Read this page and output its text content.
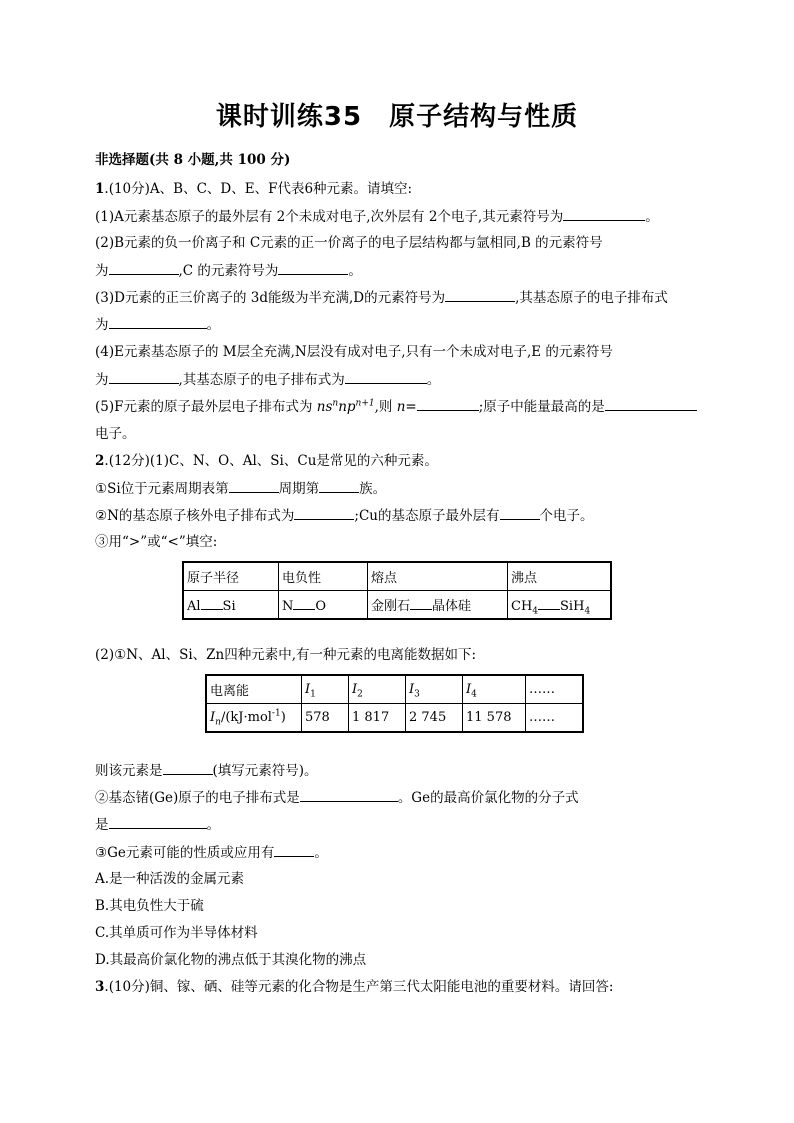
课时训练35　原子结构与性质
非选择题(共 8 小题,共 100 分)
1.(10分)A、B、C、D、E、F代表6种元素。请填空:
(1)A元素基态原子的最外层有 2个未成对电子,次外层有 2个电子,其元素符号为	。
(2)B元素的负一价离子和 C元素的正一价离子的电子层结构都与氩相同,B 的元素符号
为	,C 的元素符号为	。
(3)D元素的正三价离子的 3d能级为半充满,D的元素符号为	,其基态原子的电子排布式
为	。
(4)E元素基态原子的 M层全充满,N层没有成对电子,只有一个未成对电子,E 的元素符号
为	,其基态原子的电子排布式为	。
(5)F元素的原子最外层电子排布式为 $ns^nnp^{n+1}$,则 n=	;原子中能量最高的是
电子。
2.(12分)(1)C、N、O、Al、Si、Cu是常见的六种元素。
①Si位于元素周期表第	周期第	族。
②N的基态原子核外电子排布式为	;Cu的基态原子最外层有	个电子。
③用“>”或“<”填空:
原子半径	电负性	熔点	沸点
Al Si	N O	金刚石 晶体硅	$CH_4$ SiH$_4$
(2)①N、Al、Si、Zn四种元素中,有一种元素的电离能数据如下:
电离能	$I_1$	$I_2$	$I_3$	$I_4$	……
$I_n/(kJ\cdot mol^{-1})$	578	1 817	2 745	11 578	……
则该元素是	(填写元素符号)。
②基态锗(Ge)原子的电子排布式是	。Ge的最高价氯化物的分子式
是	。
③Ge元素可能的性质或应用有	。
A.是一种活泼的金属元素
B.其电负性大于硫
C.其单质可作为半导体材料
D.其最高价氯化物的沸点低于其溴化物的沸点
3.(10分)铜、镓、硒、硅等元素的化合物是生产第三代太阳能电池的重要材料。请回答:
